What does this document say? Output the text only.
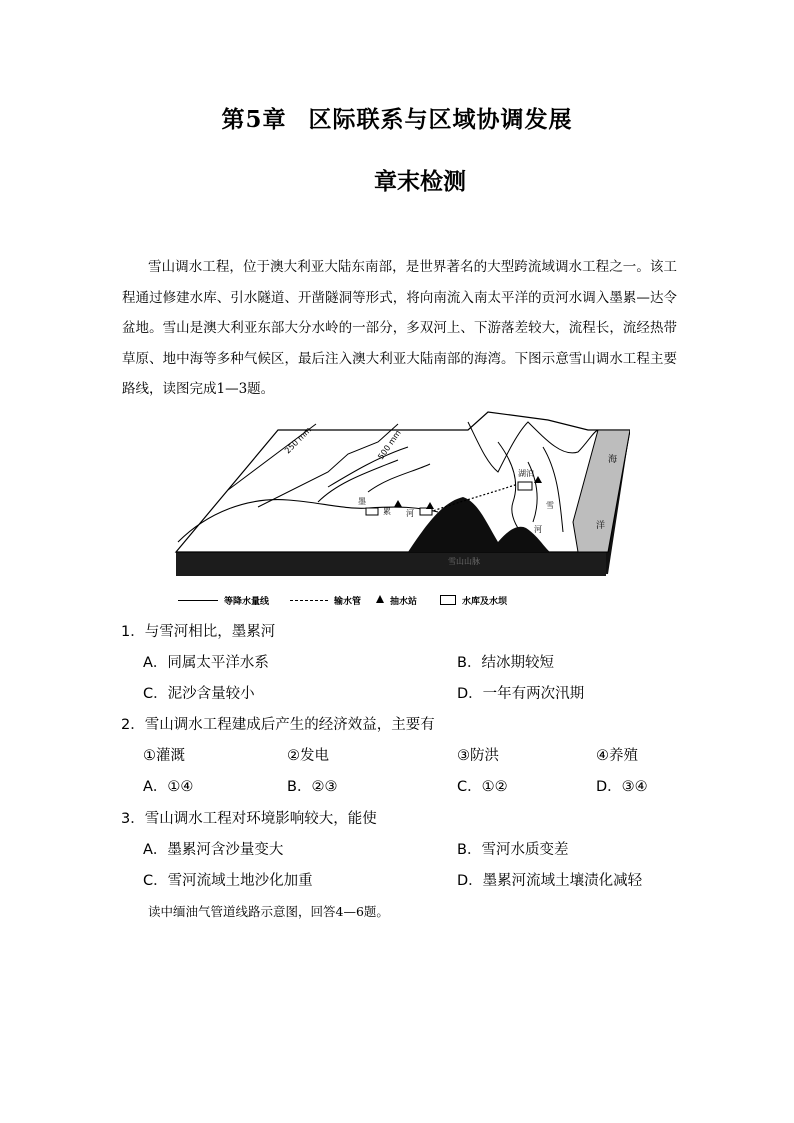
第5章 区际联系与区域协调发展
章末检测
雪山调水工程，位于澳大利亚大陆东南部，是世界著名的大型跨流域调水工程之一。该工程通过修建水库、引水隧道、开凿隧洞等形式，将向南流入南太平洋的贡河水调入墨累—达令盆地。雪山是澳大利亚东部大分水岭的一部分，多双河上、下游落差较大，流程长，流经热带草原、地中海等多种气候区，最后注入澳大利亚大陆南部的海湾。下图示意雪山调水工程主要路线，读图完成1—3题。
250 mm	500 mm
墨
累 河
湖泊
雪
河
海
洋
雪山山脉
等降水量线	输水管	抽水站	水库及水坝
1．与雪河相比，墨累河
A．同属太平洋水系	B．结冰期较短
C．泥沙含量较小	D．一年有两次汛期
2．雪山调水工程建成后产生的经济效益，主要有
①灌溉	②发电	③防洪	④养殖
A．①④	B．②③	C．①②	D．③④
3．雪山调水工程对环境影响较大，能使
A．墨累河含沙量变大	B．雪河水质变差
C．雪河流域土地沙化加重	D．墨累河流域土壤渍化减轻
读中缅油气管道线路示意图，回答4—6题。
